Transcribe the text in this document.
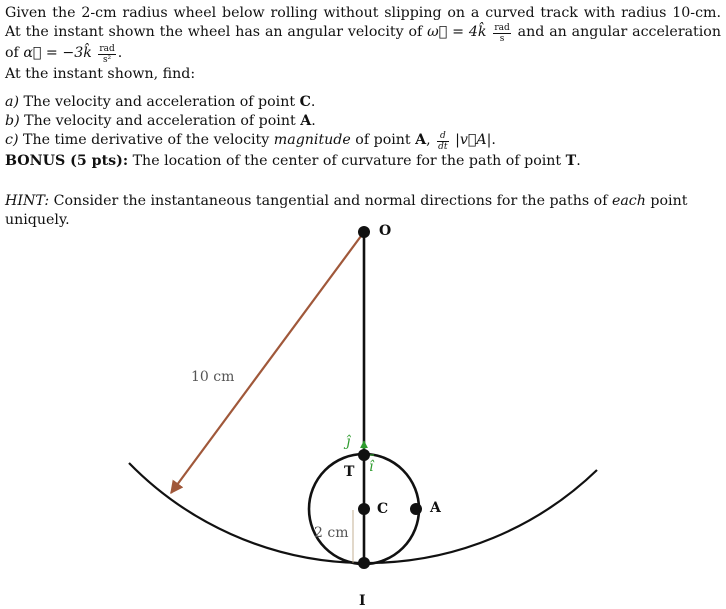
Given the 2-cm radius wheel below rolling without slipping on a curved track with radius 10-cm. At the instant shown the wheel has an angular velocity of ω⃗ = 4k̂ $\frac{\text{rad}}{s}$ and an angular acceleration of α⃗ = −3k̂ $\frac{\text{rad}}{\text{s²}}$ .

At the instant shown, find:

a) The velocity and acceleration of point C.

b) The velocity and acceleration of point A.

c) The time derivative of the velocity magnitude of point A, $\frac{d}{dt}$ |v⃗A|.

BONUS (5 pts): The location of the center of curvature for the path of point T.

HINT: Consider the instantaneous tangential and normal directions for the paths of each point uniquely.

O
T
C	A
I
ĵ
î
10 cm
2 cm
